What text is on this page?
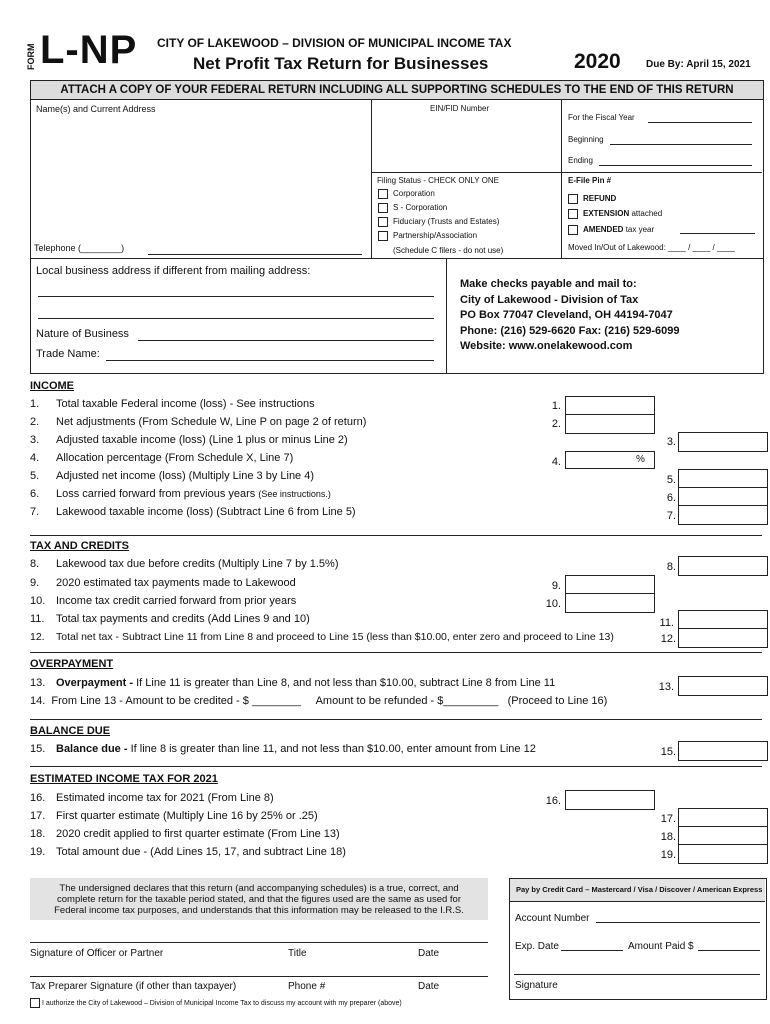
FORM L-NP CITY OF LAKEWOOD – DIVISION OF MUNICIPAL INCOME TAX
Net Profit Tax Return for Businesses	2020	Due By: April 15, 2021
ATTACH A COPY OF YOUR FEDERAL RETURN INCLUDING ALL SUPPORTING SCHEDULES TO THE END OF THIS RETURN
Name(s) and Current Address	EIN/FID Number
Telephone (________)
For the Fiscal Year
Beginning
Ending
Filing Status - CHECK ONLY ONE
Corporation
S - Corporation
Fiduciary (Trusts and Estates)
Partnership/Association
(Schedule C filers - do not use)
E-File Pin #
REFUND
EXTENSION attached
AMENDED tax year
Moved In/Out of Lakewood: ____ / ____ / ____
Local business address if different from mailing address:
Nature of Business
Trade Name:
Make checks payable and mail to:
City of Lakewood - Division of Tax
PO Box 77047 Cleveland, OH 44194-7047
Phone: (216) 529-6620 Fax: (216) 529-6099
Website: www.onelakewood.com
INCOME
1. Total taxable Federal income (loss) - See instructions	1.
2. Net adjustments (From Schedule W, Line P on page 2 of return)	2.
3. Adjusted taxable income (loss) (Line 1 plus or minus Line 2)	3.
4. Allocation percentage (From Schedule X, Line 7)	4.	%
5. Adjusted net income (loss) (Multiply Line 3 by Line 4)	5.
6. Loss carried forward from previous years (See instructions.)	6.
7. Lakewood taxable income (loss) (Subtract Line 6 from Line 5)	7.
TAX AND CREDITS
8. Lakewood tax due before credits (Multiply Line 7 by 1.5%)	8.
9. 2020 estimated tax payments made to Lakewood	9.
10. Income tax credit carried forward from prior years	10.
11. Total tax payments and credits (Add Lines 9 and 10)	11.
12. Total net tax - Subtract Line 11 from Line 8 and proceed to Line 15 (less than $10.00, enter zero and proceed to Line 13)	12.
OVERPAYMENT
13. Overpayment - If Line 11 is greater than Line 8, and not less than $10.00, subtract Line 8 from Line 11	13.
14.  From Line 13 - Amount to be credited - $ ________     Amount to be refunded - $_________   (Proceed to Line 16)
BALANCE DUE
15. Balance due - If line 8 is greater than line 11, and not less than $10.00, enter amount from Line 12	15.
ESTIMATED INCOME TAX FOR 2021
16. Estimated income tax for 2021 (From Line 8)	16.
17. First quarter estimate (Multiply Line 16 by 25% or .25)	17.
18. 2020 credit applied to first quarter estimate (From Line 13)	18.
19. Total amount due - (Add Lines 15, 17, and subtract Line 18)	19.
The undersigned declares that this return (and accompanying schedules) is a true, correct, and complete return for the taxable period stated, and that the figures used are the same as used for Federal income tax purposes, and understands that this information may be released to the I.R.S.
Signature of Officer or Partner	Title	Date
Tax Preparer Signature (if other than taxpayer)	Phone #	Date
I authorize the City of Lakewood – Division of Municipal Income Tax to discuss my account with my preparer (above)
Pay by Credit Card – Mastercard / Visa / Discover / American Express
Account Number
Exp. Date	Amount Paid $
Signature
